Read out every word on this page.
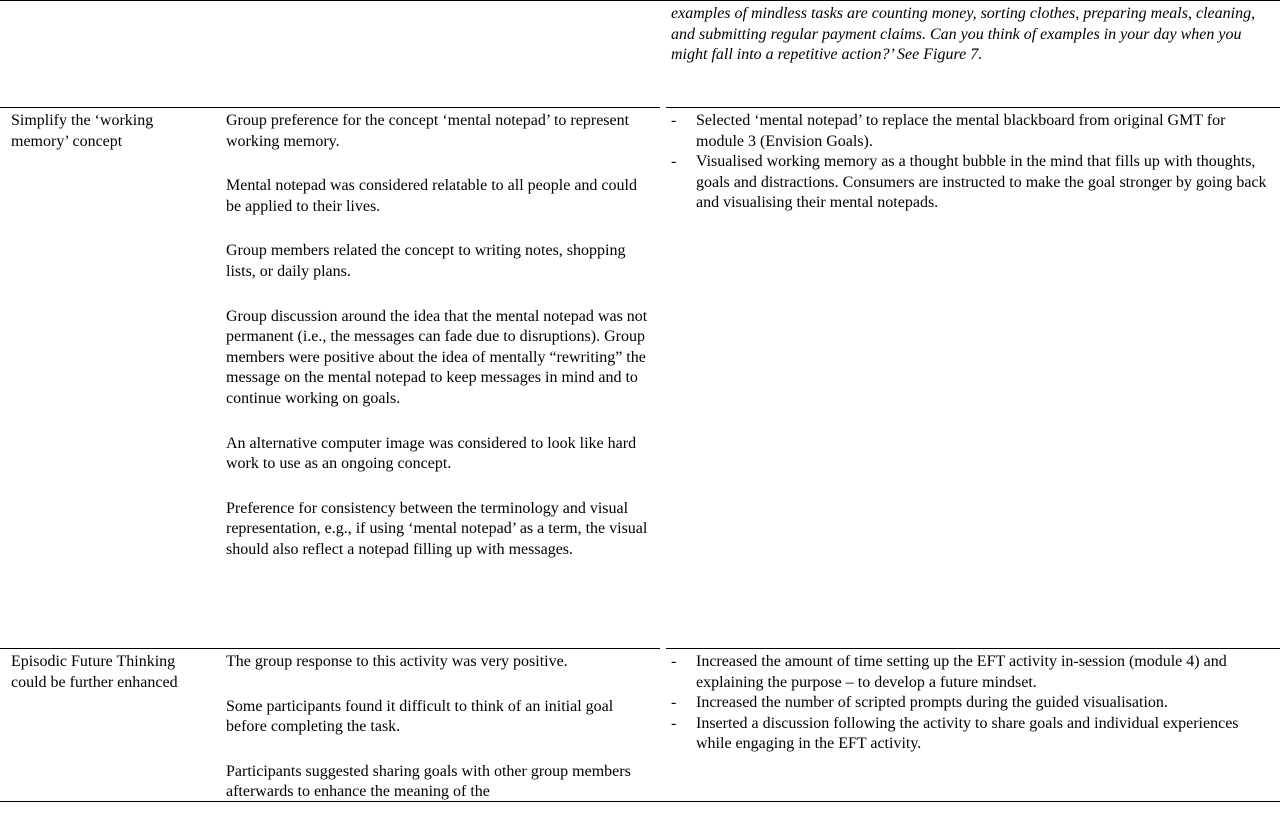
examples of mindless tasks are counting money, sorting clothes, preparing meals, cleaning, and submitting regular payment claims. Can you think of examples in your day when you might fall into a repetitive action?’ See Figure 7.
Simplify the ‘working memory’ concept

Group preference for the concept ‘mental notepad’ to represent working memory.

Mental notepad was considered relatable to all people and could be applied to their lives.

Group members related the concept to writing notes, shopping lists, or daily plans.

Group discussion around the idea that the mental notepad was not permanent (i.e., the messages can fade due to disruptions). Group members were positive about the idea of mentally “rewriting” the message on the mental notepad to keep messages in mind and to continue working on goals.

An alternative computer image was considered to look like hard work to use as an ongoing concept.

Preference for consistency between the terminology and visual representation, e.g., if using ‘mental notepad’ as a term, the visual should also reflect a notepad filling up with messages.

- Selected ‘mental notepad’ to replace the mental blackboard from original GMT for module 3 (Envision Goals).
- Visualised working memory as a thought bubble in the mind that fills up with thoughts, goals and distractions. Consumers are instructed to make the goal stronger by going back and visualising their mental notepads.
Episodic Future Thinking could be further enhanced

The group response to this activity was very positive.

Some participants found it difficult to think of an initial goal before completing the task.

Participants suggested sharing goals with other group members afterwards to enhance the meaning of the

- Increased the amount of time setting up the EFT activity in-session (module 4) and explaining the purpose – to develop a future mindset.
- Increased the number of scripted prompts during the guided visualisation.
- Inserted a discussion following the activity to share goals and individual experiences while engaging in the EFT activity.
